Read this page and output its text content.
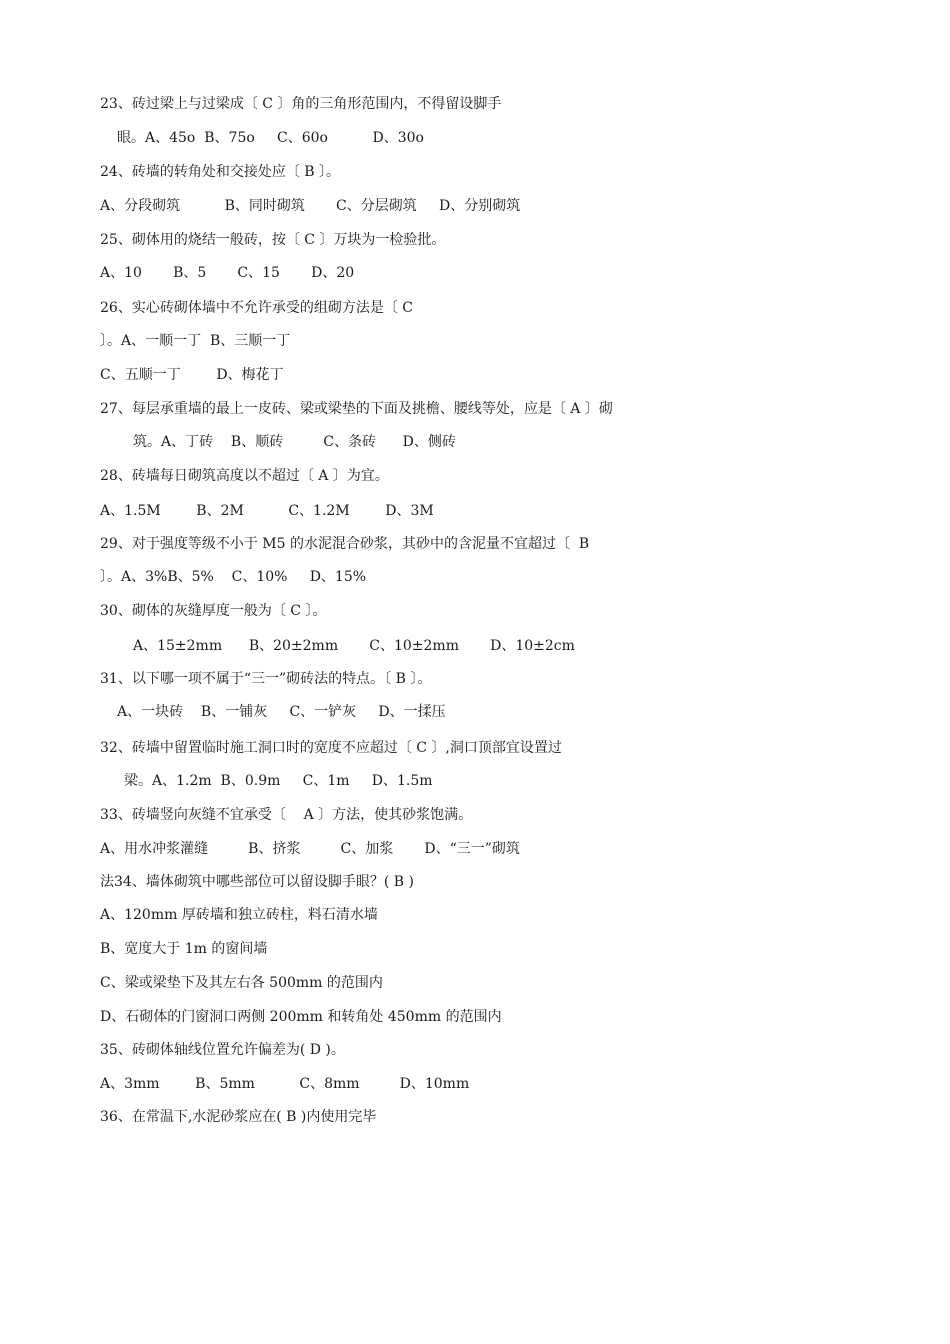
23、砖过梁上与过梁成〔 C 〕角的三角形范围内，不得留设脚手
眼。A、45o  B、75o     C、60o          D、30o
24、砖墙的转角处和交接处应〔 B 〕。
A、分段砌筑          B、同时砌筑       C、分层砌筑     D、分别砌筑
25、砌体用的烧结一般砖，按〔 C 〕万块为一检验批。
A、10       B、5       C、15       D、20
26、实心砖砌体墙中不允许承受的组砌方法是〔 C
〕。A、一顺一丁  B、三顺一丁
C、五顺一丁        D、梅花丁
27、每层承重墙的最上一皮砖、梁或梁垫的下面及挑檐、腰线等处，应是〔 A 〕砌
筑。A、丁砖    B、顺砖         C、条砖      D、侧砖
28、砖墙每日砌筑高度以不超过〔 A 〕为宜。
A、1.5M        B、2M          C、1.2M        D、3M
29、对于强度等级不小于 M5 的水泥混合砂浆，其砂中的含泥量不宜超过〔  B
〕。A、3%B、5%    C、10%     D、15%
30、砌体的灰缝厚度一般为〔 C 〕。
A、15±2mm      B、20±2mm       C、10±2mm       D、10±2cm
31、以下哪一项不属于“三一”砌砖法的特点。〔 B 〕。
A、一块砖    B、一铺灰     C、一铲灰     D、一揉压
32、砖墙中留置临时施工洞口时的宽度不应超过〔 C 〕,洞口顶部宜设置过
梁。A、1.2m  B、0.9m     C、1m     D、1.5m
33、砖墙竖向灰缝不宜承受〔    A 〕方法，使其砂浆饱满。
A、用水冲浆灌缝         B、挤浆         C、加浆       D、“三一”砌筑
法34、墙体砌筑中哪些部位可以留设脚手眼？( B )
A、120mm 厚砖墙和独立砖柱，料石清水墙
B、宽度大于 1m 的窗间墙
C、梁或梁垫下及其左右各 500mm 的范围内
D、石砌体的门窗洞口两侧 200mm 和转角处 450mm 的范围内
35、砖砌体轴线位置允许偏差为( D )。
A、3mm        B、5mm          C、8mm         D、10mm
36、在常温下,水泥砂浆应在( B )内使用完毕
